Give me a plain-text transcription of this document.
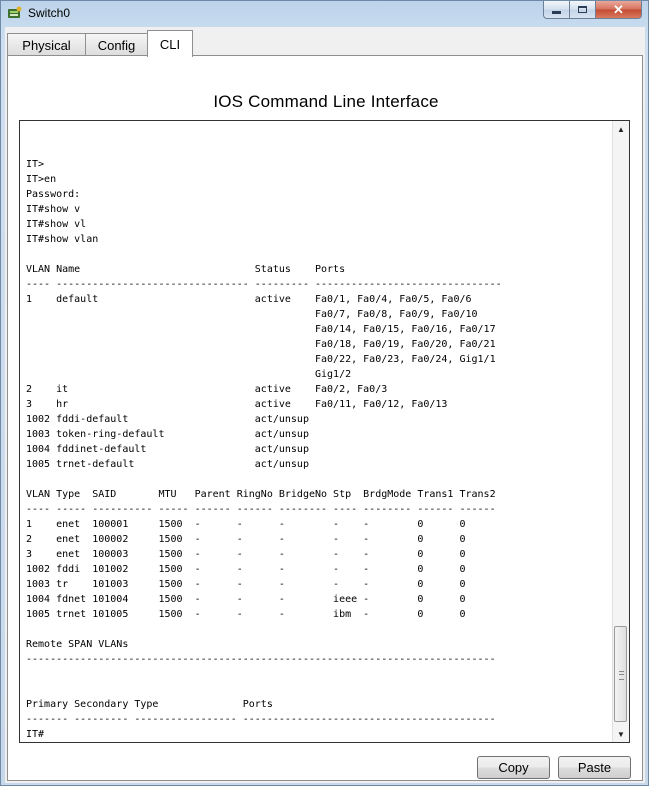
Switch0	✕
Physical Config CLI
IOS Command Line Interface
IT>
IT>en
Password:
IT#show v
IT#show vl
IT#show vlan

VLAN Name                             Status    Ports
---- -------------------------------- --------- -------------------------------
1    default                          active    Fa0/1, Fa0/4, Fa0/5, Fa0/6
Fa0/7, Fa0/8, Fa0/9, Fa0/10
Fa0/14, Fa0/15, Fa0/16, Fa0/17
Fa0/18, Fa0/19, Fa0/20, Fa0/21
Fa0/22, Fa0/23, Fa0/24, Gig1/1
Gig1/2
2    it                               active    Fa0/2, Fa0/3
3    hr                               active    Fa0/11, Fa0/12, Fa0/13
1002 fddi-default                     act/unsup
1003 token-ring-default               act/unsup
1004 fddinet-default                  act/unsup
1005 trnet-default                    act/unsup

VLAN Type  SAID       MTU   Parent RingNo BridgeNo Stp  BrdgMode Trans1 Trans2
---- ----- ---------- ----- ------ ------ -------- ---- -------- ------ ------
1    enet  100001     1500  -      -      -        -    -        0      0
2    enet  100002     1500  -      -      -        -    -        0      0
3    enet  100003     1500  -      -      -        -    -        0      0
1002 fddi  101002     1500  -      -      -        -    -        0      0
1003 tr    101003     1500  -      -      -        -    -        0      0
1004 fdnet 101004     1500  -      -      -        ieee -        0      0
1005 trnet 101005     1500  -      -      -        ibm  -        0      0

Remote SPAN VLANs
------------------------------------------------------------------------------

Primary Secondary Type              Ports
------- --------- ----------------- ------------------------------------------
IT#
▲
▼
Copy	Paste
